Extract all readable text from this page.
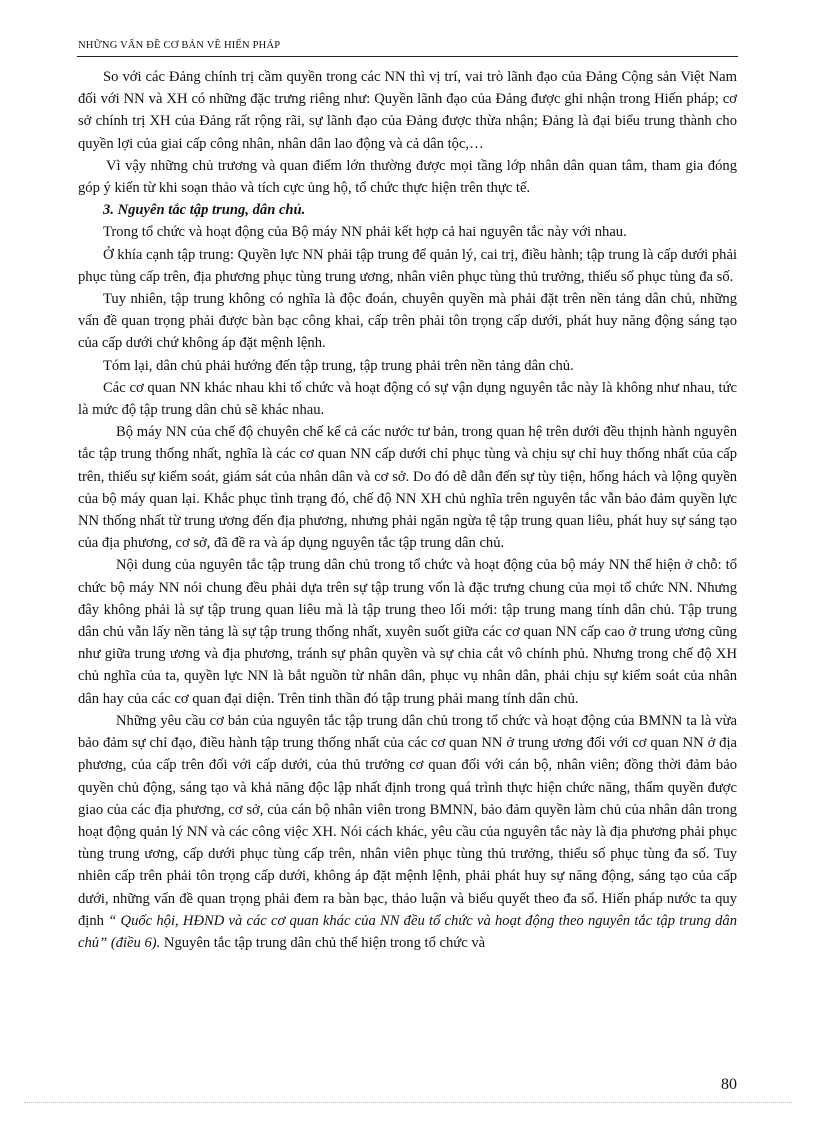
NHỮNG VẤN ĐỀ CƠ BẢN VỀ HIẾN PHÁP

So với các Đảng chính trị cầm quyền trong các NN thì vị trí, vai trò lãnh đạo của Đảng Cộng sản Việt Nam đối với NN và XH có những đặc trưng riêng như: Quyền lãnh đạo của Đảng được ghi nhận trong Hiến pháp; cơ sở chính trị XH của Đảng rất rộng rãi, sự lãnh đạo của Đảng được thừa nhận; Đảng là đại biểu trung thành cho quyền lợi của giai cấp công nhân, nhân dân lao động và cả dân tộc,…

Vì vậy những chủ trương và quan điểm lớn thường được mọi tầng lớp nhân dân quan tâm, tham gia đóng góp ý kiến từ khi soạn thảo và tích cực ủng hộ, tổ chức thực hiện trên thực tế.

3. Nguyên tắc tập trung, dân chủ.

Trong tổ chức và hoạt động của Bộ máy NN phải kết hợp cả hai nguyên tắc này với nhau.

Ở khía cạnh tập trung: Quyền lực NN phải tập trung để quản lý, cai trị, điều hành; tập trung là cấp dưới phải phục tùng cấp trên, địa phương phục tùng trung ương, nhân viên phục tùng thủ trưởng, thiểu số phục tùng đa số.

Tuy nhiên, tập trung không có nghĩa là độc đoán, chuyên quyền mà phải đặt trên nền tảng dân chủ, những vấn đề quan trọng phải được bàn bạc công khai, cấp trên phải tôn trọng cấp dưới, phát huy năng động sáng tạo của cấp dưới chứ không áp đặt mệnh lệnh.

Tóm lại, dân chủ phải hướng đến tập trung, tập trung phải trên nền tảng dân chủ.

Các cơ quan NN khác nhau khi tổ chức và hoạt động có sự vận dụng nguyên tắc này là không như nhau, tức là mức độ tập trung dân chủ sẽ khác nhau.

Bộ máy NN của chế độ chuyên chế kể cả các nước tư bản, trong quan hệ trên dưới đều thịnh hành nguyên tắc tập trung thống nhất, nghĩa là các cơ quan NN cấp dưới chỉ phục tùng và chịu sự chỉ huy thống nhất của cấp trên, thiếu sự kiểm soát, giám sát của nhân dân và cơ sở. Do đó dễ dẫn đến sự tùy tiện, hống hách và lộng quyền của bộ máy quan lại. Khắc phục tình trạng đó, chế độ NN XH chủ nghĩa trên nguyên tắc vẫn bảo đảm quyền lực NN thống nhất từ trung ương đến địa phương, nhưng phải ngăn ngừa tệ tập trung quan liêu, phát huy sự sáng tạo của địa phương, cơ sở, đã đề ra và áp dụng nguyên tắc tập trung dân chủ.

Nội dung của nguyên tắc tập trung dân chủ trong tổ chức và hoạt động của bộ máy NN thể hiện ở chỗ: tổ chức bộ máy NN nói chung đều phải dựa trên sự tập trung vốn là đặc trưng chung của mọi tổ chức NN. Nhưng đây không phải là sự tập trung quan liêu mà là tập trung theo lối mới: tập trung mang tính dân chủ. Tập trung dân chủ vẫn lấy nền tảng là sự tập trung thống nhất, xuyên suốt giữa các cơ quan NN cấp cao ở trung ương cũng như giữa trung ương và địa phương, tránh sự phân quyền và sự chia cắt vô chính phủ. Nhưng trong chế độ XH chủ nghĩa của ta, quyền lực NN là bắt nguồn từ nhân dân, phục vụ nhân dân, phải chịu sự kiểm soát của nhân dân hay của các cơ quan đại diện. Trên tinh thần đó tập trung phải mang tính dân chủ.

Những yêu cầu cơ bản của nguyên tắc tập trung dân chủ trong tổ chức và hoạt động của BMNN ta là vừa bảo đảm sự chỉ đạo, điều hành tập trung thống nhất của các cơ quan NN ở trung ương đối với cơ quan NN ở địa phương, của cấp trên đối với cấp dưới, của thủ trưởng cơ quan đối với cán bộ, nhân viên; đồng thời đảm bảo quyền chủ động, sáng tạo và khả năng độc lập nhất định trong quá trình thực hiện chức năng, thẩm quyền được giao của các địa phương, cơ sở, của cán bộ nhân viên trong BMNN, bảo đảm quyền làm chủ của nhân dân trong hoạt động quản lý NN và các công việc XH. Nói cách khác, yêu cầu của nguyên tắc này là địa phương phải phục tùng trung ương, cấp dưới phục tùng cấp trên, nhân viên phục tùng thủ trưởng, thiểu số phục tùng đa số. Tuy nhiên cấp trên phải tôn trọng cấp dưới, không áp đặt mệnh lệnh, phải phát huy sự năng động, sáng tạo của cấp dưới, những vấn đề quan trọng phải đem ra bàn bạc, thảo luận và biểu quyết theo đa số. Hiến pháp nước ta quy định “ Quốc hội, HĐND và các cơ quan khác của NN đều tổ chức và hoạt động theo nguyên tắc tập trung dân chủ” (điều 6). Nguyên tắc tập trung dân chủ thể hiện trong tổ chức và

80
